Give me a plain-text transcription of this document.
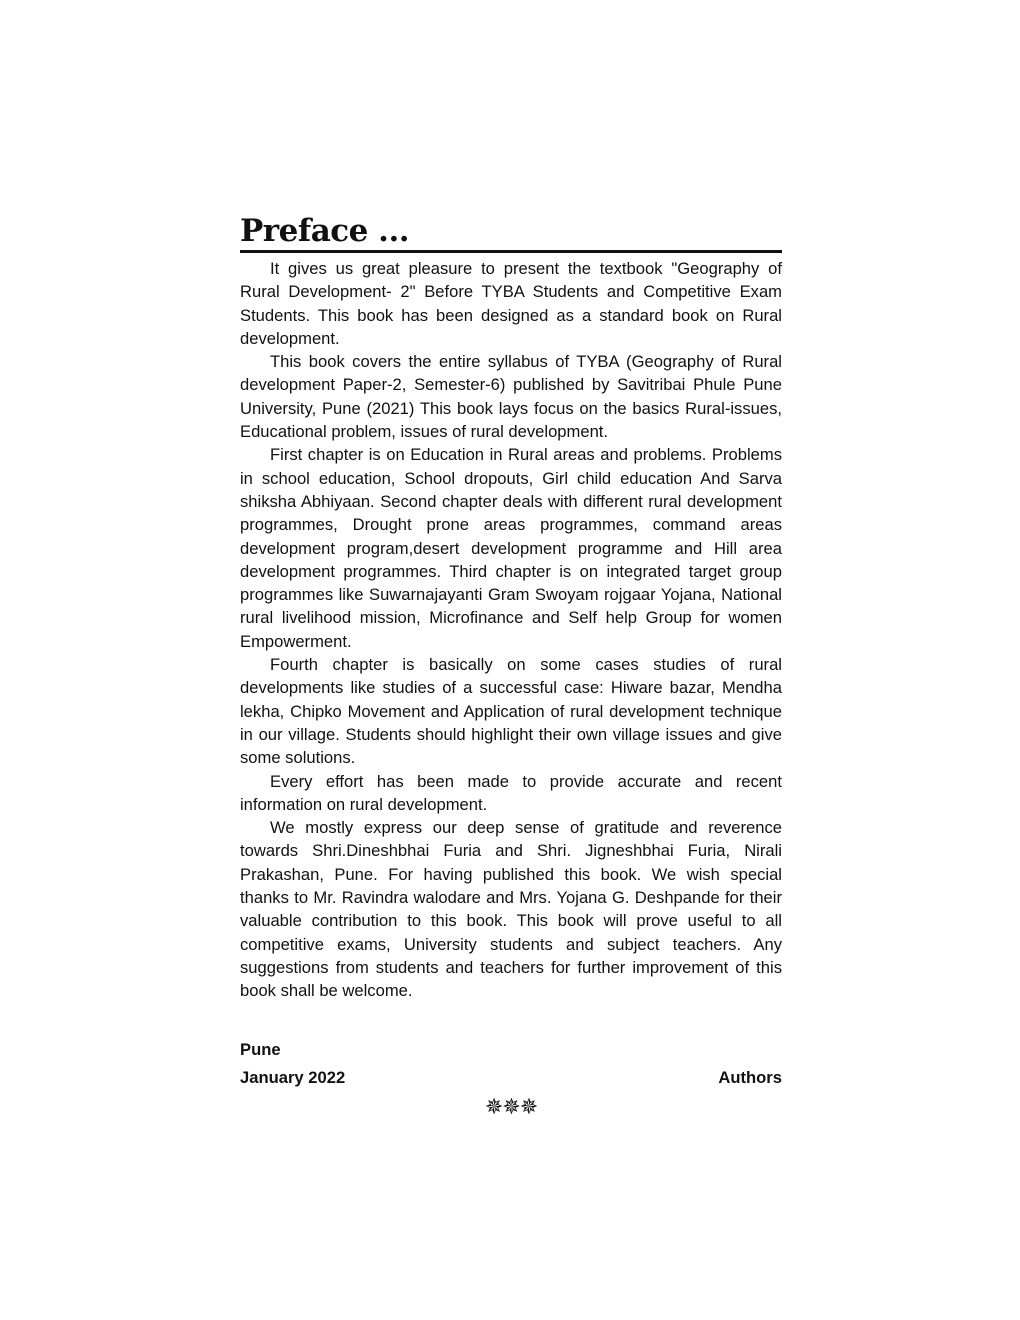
Preface ...

It gives us great pleasure to present the textbook "Geography of Rural Development- 2" Before TYBA Students and Competitive Exam Students. This book has been designed as a standard book on Rural development.

This book covers the entire syllabus of TYBA (Geography of Rural development Paper-2, Semester-6) published by Savitribai Phule Pune University, Pune (2021) This book lays focus on the basics Rural-issues, Educational problem, issues of rural development.

First chapter is on Education in Rural areas and problems. Problems in school education, School dropouts, Girl child education And Sarva shiksha Abhiyaan. Second chapter deals with different rural development programmes, Drought prone areas programmes, command areas development program,desert development programme and Hill area development programmes. Third chapter is on integrated target group programmes like Suwarnajayanti Gram Swoyam rojgaar Yojana, National rural livelihood mission, Microfinance and Self help Group for women Empowerment.

Fourth chapter is basically on some cases studies of rural developments like studies of a successful case: Hiware bazar, Mendha lekha, Chipko Movement and Application of rural development technique in our village. Students should highlight their own village issues and give some solutions.

Every effort has been made to provide accurate and recent information on rural development.

We mostly express our deep sense of gratitude and reverence towards Shri.Dineshbhai Furia and Shri. Jigneshbhai Furia, Nirali Prakashan, Pune. For having published this book. We wish special thanks to Mr. Ravindra walodare and Mrs. Yojana G. Deshpande for their valuable contribution to this book. This book will prove useful to all competitive exams, University students and subject teachers. Any suggestions from students and teachers for further improvement of this book shall be welcome.

Pune
January 2022	Authors
✵✵✵
